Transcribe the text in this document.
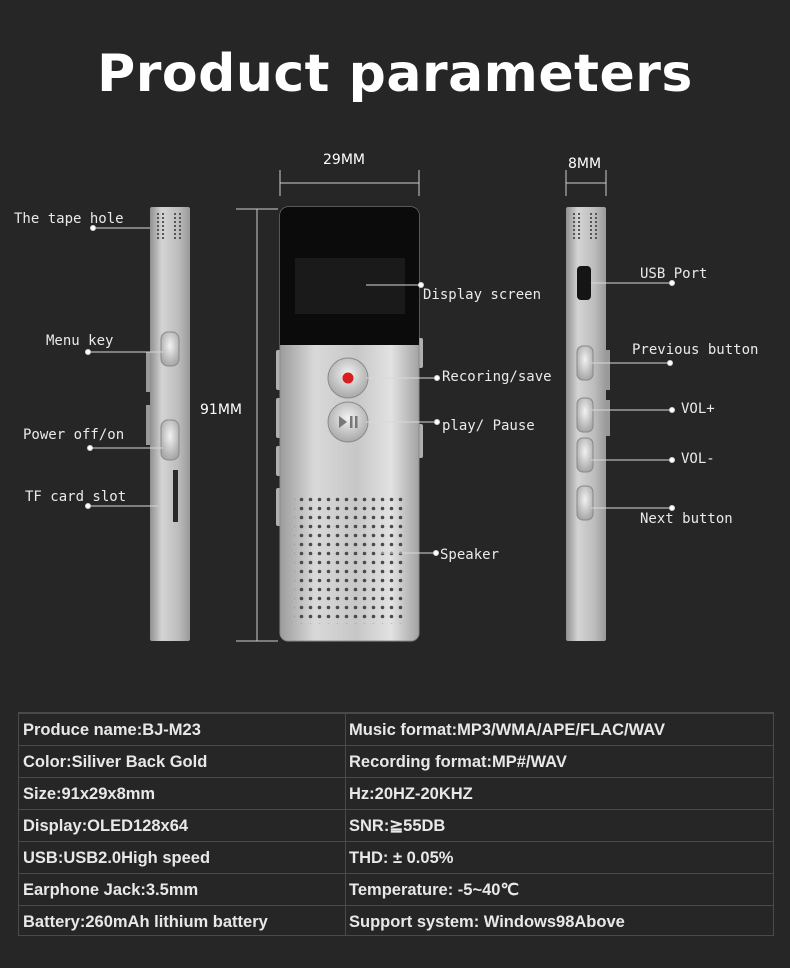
Product parameters
29MM	8MM
91MM
The tape hole
Menu key
Power off/on
TF card slot
Display screen
Recoring/save
play/ Pause
Speaker
USB Port
Previous button
VOL+
VOL-
Next button
Produce name:BJ-M23	Music format:MP3/WMA/APE/FLAC/WAV
Color:Siliver Back Gold	Recording format:MP#/WAV
Size:91x29x8mm	Hz:20HZ-20KHZ
Display:OLED128x64	SNR:≧55DB
USB:USB2.0High speed	THD: ± 0.05%
Earphone Jack:3.5mm	Temperature: -5~40℃
Battery:260mAh lithium battery	Support system: Windows98Above
